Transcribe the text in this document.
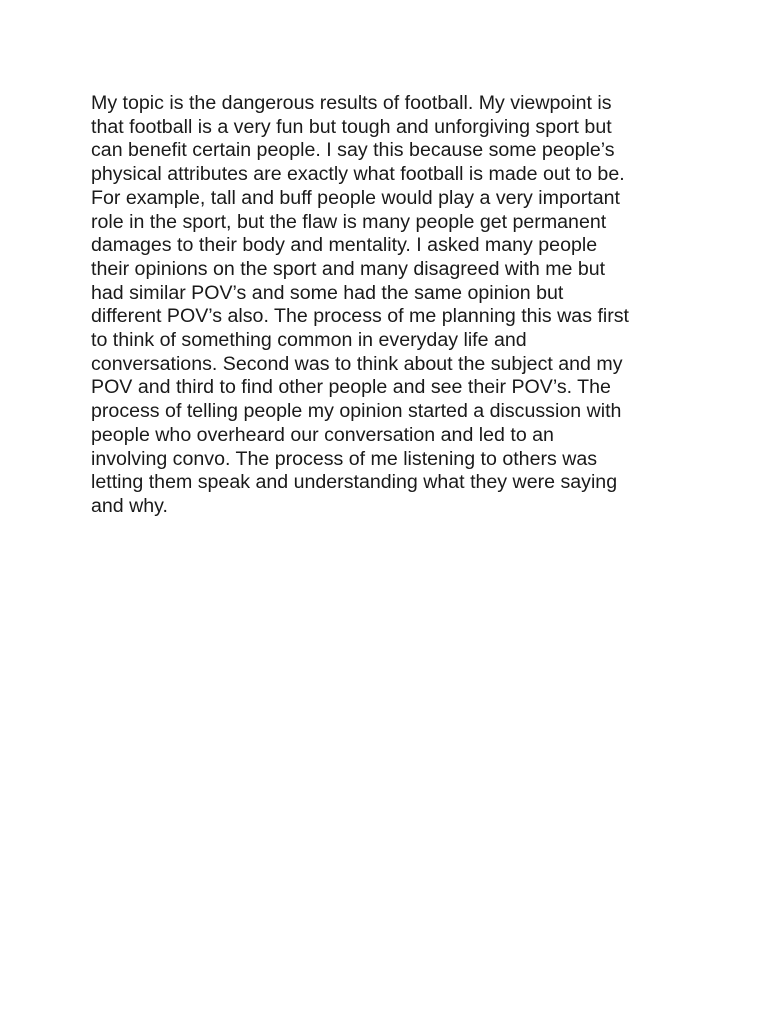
My topic is the dangerous results of football. My viewpoint is
that football is a very fun but tough and unforgiving sport but
can benefit certain people. I say this because some people’s
physical attributes are exactly what football is made out to be.
For example, tall and buff people would play a very important
role in the sport, but the flaw is many people get permanent
damages to their body and mentality. I asked many people
their opinions on the sport and many disagreed with me but
had similar POV’s and some had the same opinion but
different POV’s also. The process of me planning this was first
to think of something common in everyday life and
conversations. Second was to think about the subject and my
POV and third to find other people and see their POV’s. The
process of telling people my opinion started a discussion with
people who overheard our conversation and led to an
involving convo. The process of me listening to others was
letting them speak and understanding what they were saying
and why.
